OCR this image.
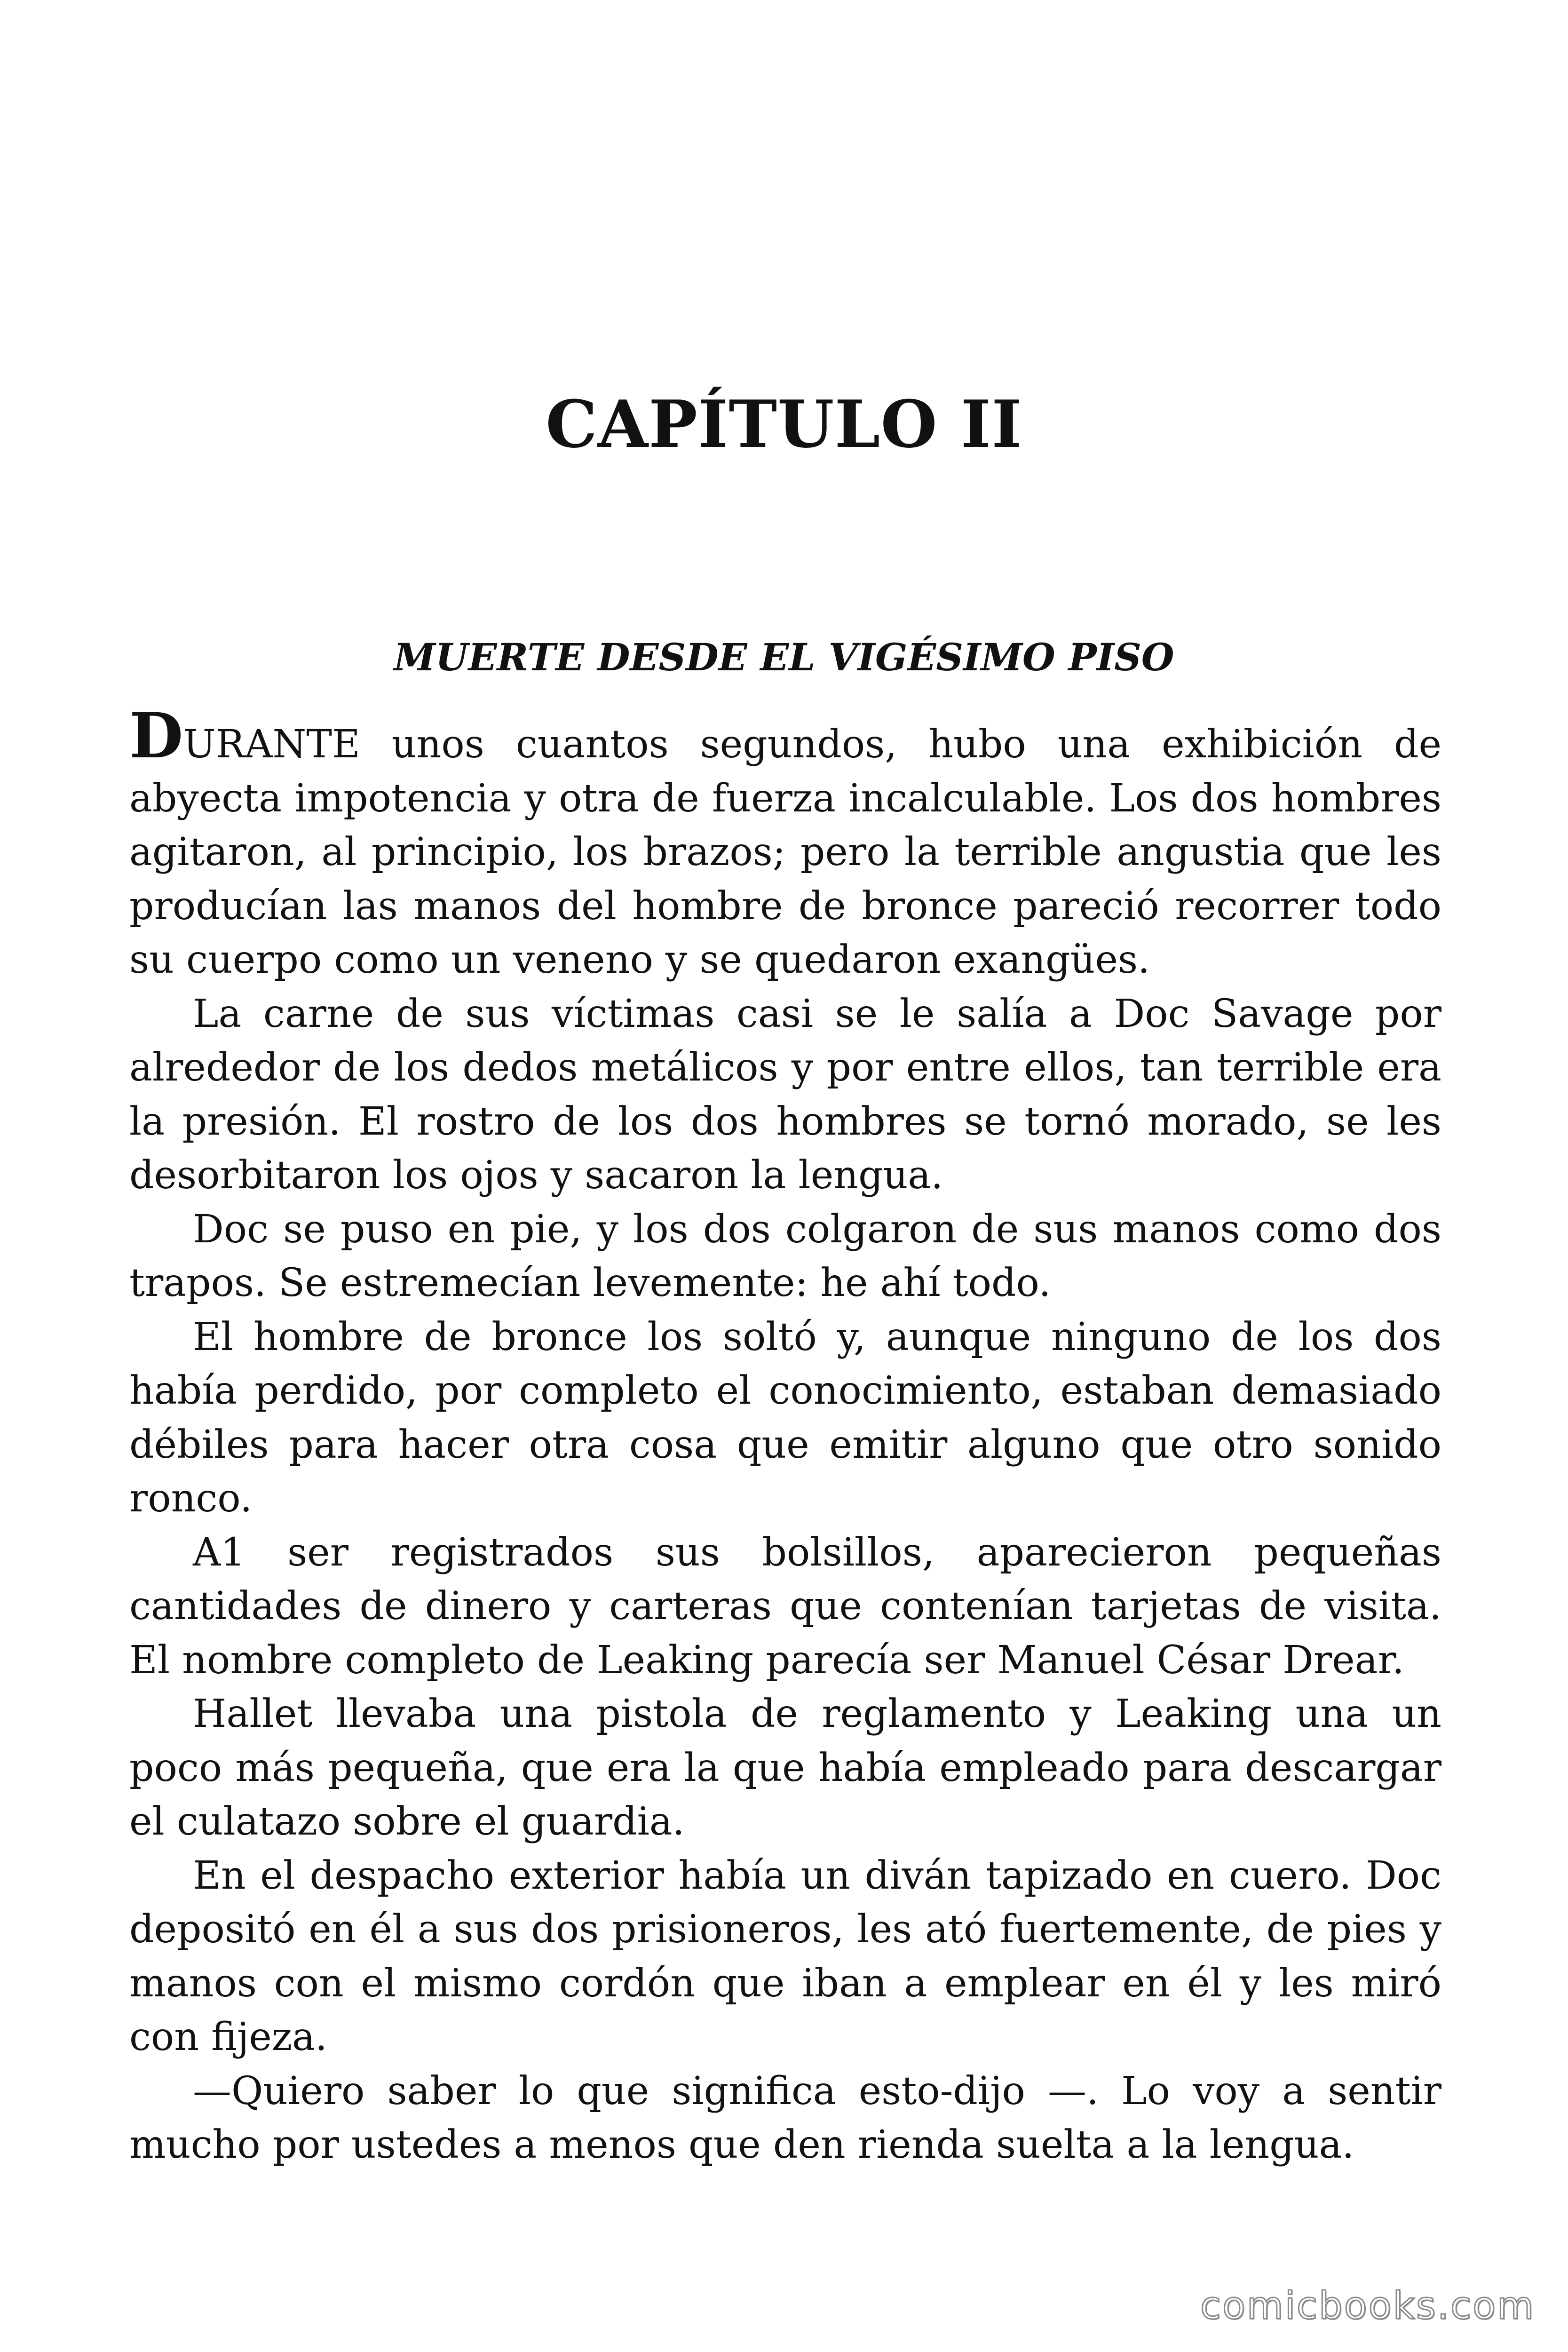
CAPÍTULO II
MUERTE DESDE EL VIGÉSIMO PISO

DURANTE unos cuantos segundos, hubo una exhibición de abyecta impotencia y otra de fuerza incalculable. Los dos hombres agitaron, al principio, los brazos; pero la terrible angustia que les producían las manos del hombre de bronce pareció recorrer todo su cuerpo como un veneno y se quedaron exangües.

La carne de sus víctimas casi se le salía a Doc Savage por alrededor de los dedos metálicos y por entre ellos, tan terrible era la presión. El rostro de los dos hombres se tornó morado, se les desorbitaron los ojos y sacaron la lengua.

Doc se puso en pie, y los dos colgaron de sus manos como dos trapos. Se estremecían levemente: he ahí todo.

El hombre de bronce los soltó y, aunque ninguno de los dos había perdido, por completo el conocimiento, estaban demasiado débiles para hacer otra cosa que emitir alguno que otro sonido ronco.

A1 ser registrados sus bolsillos, aparecieron pequeñas cantidades de dinero y carteras que contenían tarjetas de visita. El nombre completo de Leaking parecía ser Manuel César Drear.

Hallet llevaba una pistola de reglamento y Leaking una un poco más pequeña, que era la que había empleado para descargar el culatazo sobre el guardia.

En el despacho exterior había un diván tapizado en cuero. Doc depositó en él a sus dos prisioneros, les ató fuertemente, de pies y manos con el mismo cordón que iban a emplear en él y les miró con fijeza.

—Quiero saber lo que significa esto-dijo —. Lo voy a sentir mucho por ustedes a menos que den rienda suelta a la lengua.

comicbooks.com
